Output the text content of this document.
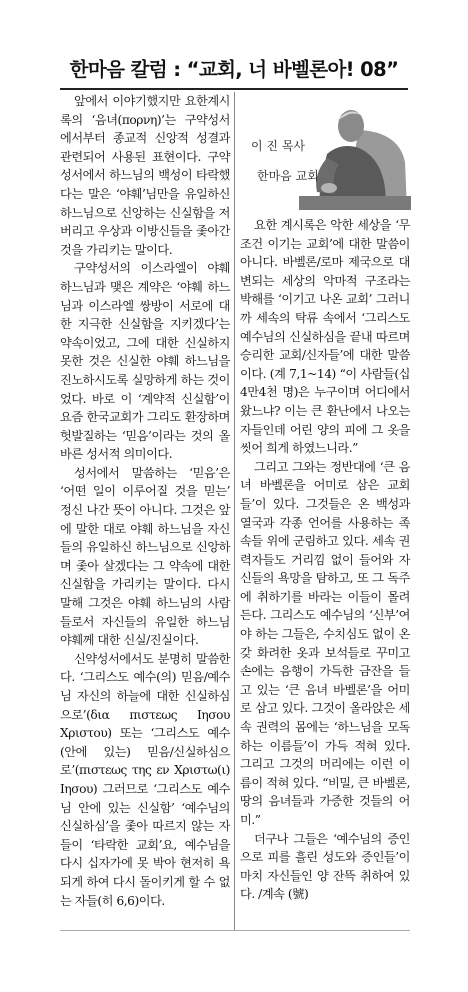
한마음 칼럼 : “교회, 너 바벨론아! 08”

앞에서 이야기했지만 요한계시록의 ‘음녀(πορνη)’는 구약성서에서부터 종교적 신앙적 성결과 관련되어 사용된 표현이다. 구약성서에서 하느님의 백성이 타락했다는 말은 ‘야훼’님만을 유일하신 하느님으로 신앙하는 신실함을 저버리고 우상과 이방신들을 좇아간 것을 가리키는 말이다.

구약성서의 이스라엘이 야훼 하느님과 맺은 계약은 ‘야훼 하느님과 이스라엘 쌍방이 서로에 대한 지극한 신실함을 지키겠다’는 약속이었고, 그에 대한 신실하지 못한 것은 신실한 야훼 하느님을 진노하시도록 실망하게 하는 것이었다. 바로 이 ‘계약적 신실함’이 요즘 한국교회가 그리도 환장하며 헛발질하는 ‘믿음’이라는 것의 올바른 성서적 의미이다.

성서에서 말씀하는 ‘믿음’은 ‘어떤 일이 이루어질 것을 믿는’ 정신 나간 뜻이 아니다. 그것은 앞에 말한 대로 야훼 하느님을 자신들의 유일하신 하느님으로 신앙하며 좇아 살겠다는 그 약속에 대한 신실함을 가리키는 말이다. 다시 말해 그것은 야훼 하느님의 사람들로서 자신들의 유일한 하느님 야훼께 대한 신실/진실이다.

신약성서에서도 분명히 말씀한다. ‘그리스도 예수(의) 믿음/예수님 자신의 하늘에 대한 신실하심으로’(δια πιστεως Ιησου Χριστου) 또는 ‘그리스도 예수 (안에 있는) 믿음/신실하심으로’(πιστεως της εν Χριστω(ι) Ιησου) 그러므로 ‘그리스도 예수님 안에 있는 신실함’ ‘예수님의 신실하심’을 좇아 따르지 않는 자들이 ‘타락한 교회’요, 예수님을 다시 십자가에 못 박아 현저히 욕되게 하여 다시 돌이키게 할 수 없는 자들(히 6,6)이다.

이 진 목사
한마음 교회

요한 계시록은 악한 세상을 ‘무조건 이기는 교회’에 대한 말씀이 아니다. 바벨론/로마 제국으로 대변되는 세상의 악마적 구조라는 박해를 ‘이기고 나온 교회’ 그러니까 세속의 탁류 속에서 ‘그리스도 예수님의 신실하심을 끝내 따르며 승리한 교회/신자들’에 대한 말씀이다. (계 7,1~14) “이 사람들(십4만4천 명)은 누구이며 어디에서 왔느냐? 이는 큰 환난에서 나오는 자들인데 어린 양의 피에 그 옷을 씻어 희게 하였느니라.”

그리고 그와는 정반대에 ‘큰 음녀 바벨론을 어미로 삼은 교회들’이 있다. 그것들은 온 백성과 열국과 각종 언어를 사용하는 족속들 위에 군림하고 있다. 세속 권력자들도 거리낌 없이 들어와 자신들의 욕망을 탐하고, 또 그 독주에 취하기를 바라는 이들이 몰려든다. 그리스도 예수님의 ‘신부’여야 하는 그들은, 수치심도 없이 온갖 화려한 옷과 보석들로 꾸미고 손에는 음행이 가득한 금잔을 들고 있는 ‘큰 음녀 바벨론’을 어미로 삼고 있다. 그것이 올라앉은 세속 권력의 몸에는 ‘하느님을 모독하는 이름들’이 가득 적혀 있다. 그리고 그것의 머리에는 이런 이름이 적혀 있다. “비밀, 큰 바벨론, 땅의 음녀들과 가증한 것들의 어미.”

더구나 그들은 ‘예수님의 증인으로 피를 흘린 성도와 증인들’이 마치 자신들인 양 잔뜩 취하여 있다. /계속 (號)
